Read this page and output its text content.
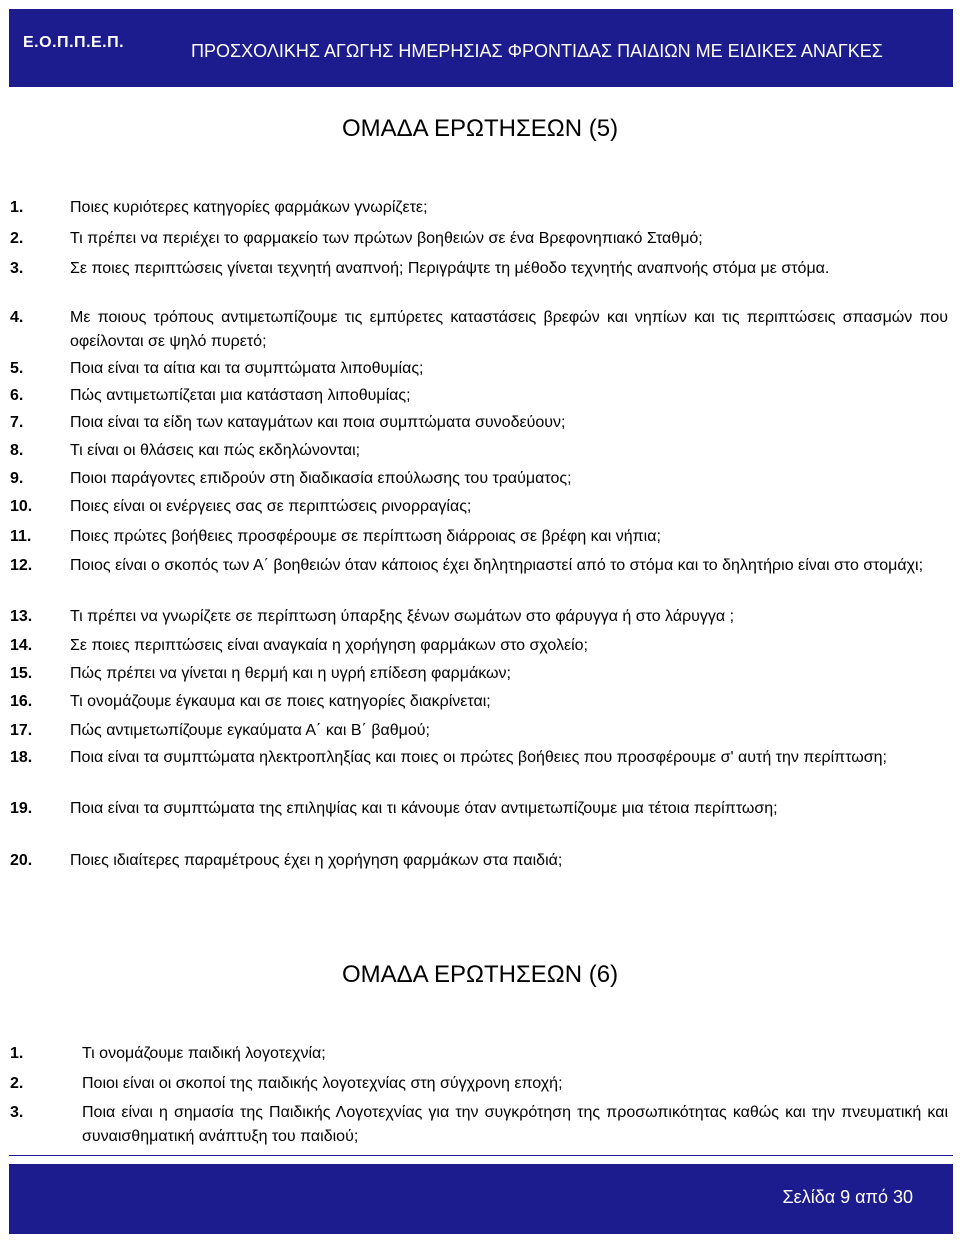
Ε.Ο.Π.Π.Ε.Π.	ΠΡΟΣΧΟΛΙΚΗΣ ΑΓΩΓΗΣ ΗΜΕΡΗΣΙΑΣ ΦΡΟΝΤΙΔΑΣ ΠΑΙΔΙΩΝ ΜΕ ΕΙΔΙΚΕΣ ΑΝΑΓΚΕΣ
ΟΜΑΔΑ ΕΡΩΤΗΣΕΩΝ (5)
1.	Ποιες κυριότερες κατηγορίες φαρμάκων γνωρίζετε;
2.	Τι πρέπει να περιέχει το φαρμακείο των πρώτων βοηθειών σε ένα Βρεφονηπιακό Σταθμό;
3.	Σε ποιες περιπτώσεις γίνεται τεχνητή αναπνοή; Περιγράψτε τη μέθοδο τεχνητής αναπνοής στόμα με στόμα.
4.	Με ποιους τρόπους αντιμετωπίζουμε τις εμπύρετες καταστάσεις βρεφών και νηπίων και τις περιπτώσεις σπασμών που οφείλονται σε ψηλό πυρετό;
5.	Ποια είναι τα αίτια και τα συμπτώματα λιποθυμίας;
6.	Πώς αντιμετωπίζεται μια κατάσταση λιποθυμίας;
7.	Ποια είναι τα είδη των καταγμάτων και ποια συμπτώματα συνοδεύουν;
8.	Τι είναι οι θλάσεις και πώς εκδηλώνονται;
9.	Ποιοι παράγοντες επιδρούν στη διαδικασία επούλωσης του τραύματος;
10. Ποιες είναι οι ενέργειες σας σε περιπτώσεις ρινορραγίας;
11. Ποιες πρώτες βοήθειες προσφέρουμε σε περίπτωση διάρροιας σε βρέφη και νήπια;
12. Ποιος είναι ο σκοπός των Α΄ βοηθειών όταν κάποιος έχει δηλητηριαστεί από το στόμα και το δηλητήριο είναι στο στομάχι;
13. Τι πρέπει να γνωρίζετε σε περίπτωση ύπαρξης ξένων σωμάτων στο φάρυγγα ή στο λάρυγγα ;
14. Σε ποιες περιπτώσεις είναι αναγκαία η χορήγηση φαρμάκων στο σχολείο;
15. Πώς πρέπει να γίνεται η θερμή και η υγρή επίδεση φαρμάκων;
16. Τι ονομάζουμε έγκαυμα και σε ποιες κατηγορίες διακρίνεται;
17. Πώς αντιμετωπίζουμε εγκαύματα Α΄ και Β΄ βαθμού;
18. Ποια είναι τα συμπτώματα ηλεκτροπληξίας και ποιες οι πρώτες βοήθειες που προσφέρουμε σ' αυτή την περίπτωση;
19. Ποια είναι τα συμπτώματα της επιληψίας και τι κάνουμε όταν αντιμετωπίζουμε μια τέτοια περίπτωση;
20. Ποιες ιδιαίτερες παραμέτρους έχει η χορήγηση φαρμάκων στα παιδιά;
ΟΜΑΔΑ ΕΡΩΤΗΣΕΩΝ (6)
1.	Τι ονομάζουμε παιδική λογοτεχνία;
2.	Ποιοι είναι οι σκοποί της παιδικής λογοτεχνίας στη σύγχρονη εποχή;
3.	Ποια είναι η σημασία της Παιδικής Λογοτεχνίας για την συγκρότηση της προσωπικότητας καθώς και την πνευματική και συναισθηματική ανάπτυξη του παιδιού;
Σελίδα 9 από 30
